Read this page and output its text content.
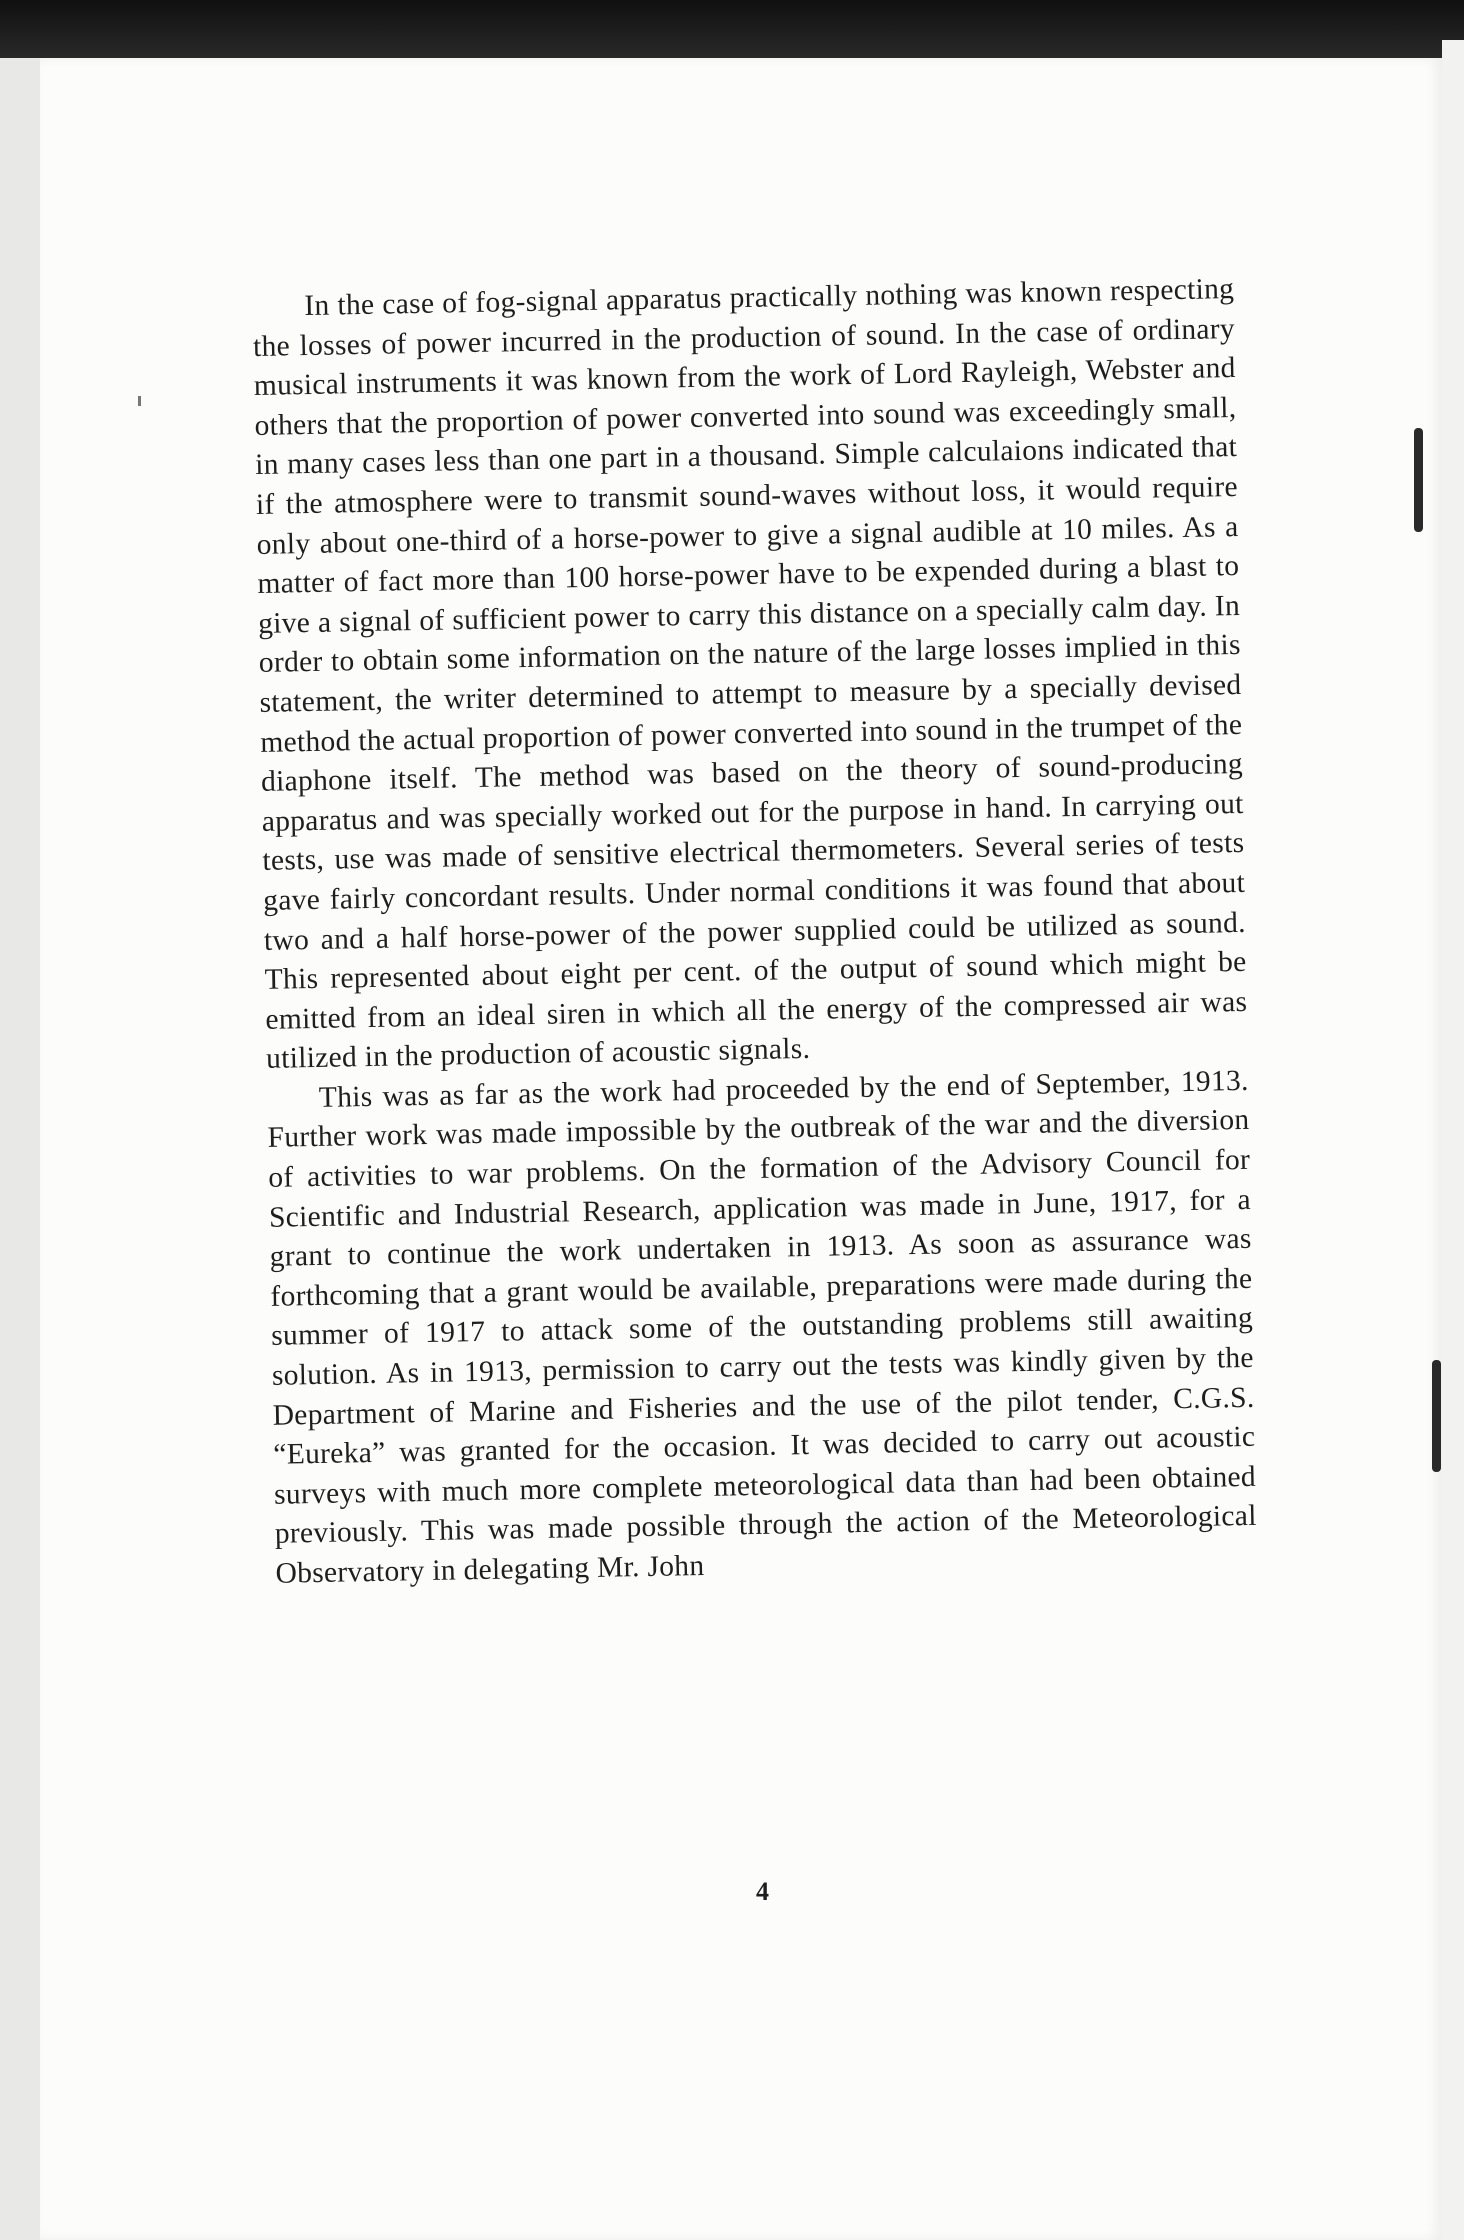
In the case of fog-signal apparatus practically nothing was known respecting the losses of power incurred in the production of sound. In the case of ordinary musical instruments it was known from the work of Lord Rayleigh, Webster and others that the proportion of power converted into sound was exceedingly small, in many cases less than one part in a thousand. Simple calculaions indicated that if the atmosphere were to transmit sound-waves without loss, it would require only about one-third of a horse-power to give a signal audible at 10 miles. As a matter of fact more than 100 horse-power have to be expended during a blast to give a signal of sufficient power to carry this distance on a specially calm day. In order to obtain some information on the nature of the large losses implied in this statement, the writer determined to attempt to measure by a specially devised method the actual proportion of power converted into sound in the trumpet of the diaphone itself. The method was based on the theory of sound-producing apparatus and was specially worked out for the purpose in hand. In carrying out tests, use was made of sensitive electrical thermometers. Several series of tests gave fairly concordant results. Under normal conditions it was found that about two and a half horse-power of the power supplied could be utilized as sound. This represented about eight per cent. of the output of sound which might be emitted from an ideal siren in which all the energy of the compressed air was utilized in the production of acoustic signals.

This was as far as the work had proceeded by the end of September, 1913. Further work was made impossible by the outbreak of the war and the diversion of activities to war problems. On the formation of the Advisory Council for Scientific and Industrial Research, application was made in June, 1917, for a grant to continue the work undertaken in 1913. As soon as assurance was forthcoming that a grant would be available, preparations were made during the summer of 1917 to attack some of the outstanding problems still awaiting solution. As in 1913, permission to carry out the tests was kindly given by the Department of Marine and Fisheries and the use of the pilot tender, C.G.S. “Eureka” was granted for the occasion. It was decided to carry out acoustic surveys with much more complete meteorological data than had been obtained previously. This was made possible through the action of the Meteorological Observatory in delegating Mr. John

4
